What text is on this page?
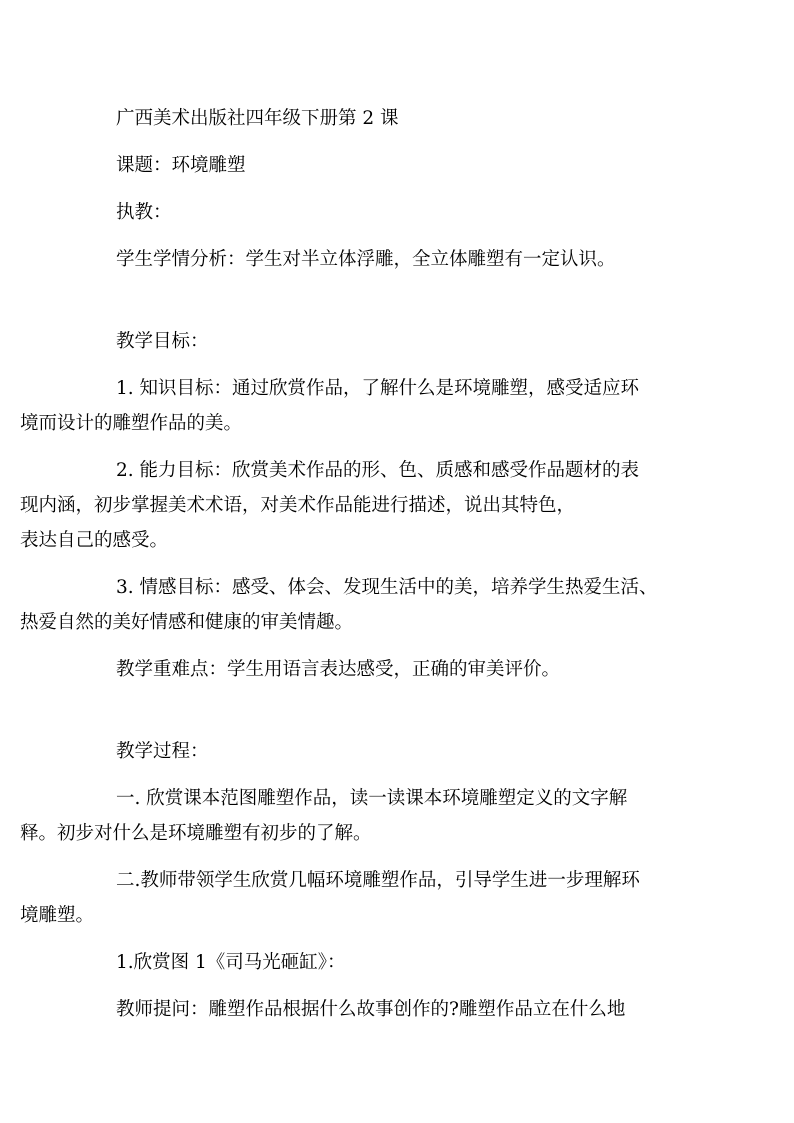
广西美术出版社四年级下册第 2 课

课题：环境雕塑

执教：

学生学情分析：学生对半立体浮雕，全立体雕塑有一定认识。

教学目标：

1. 知识目标：通过欣赏作品，了解什么是环境雕塑，感受适应环

境而设计的雕塑作品的美。

2. 能力目标：欣赏美术作品的形、色、质感和感受作品题材的表

现内涵，初步掌握美术术语，对美术作品能进行描述，说出其特色，

表达自己的感受。

3. 情感目标：感受、体会、发现生活中的美，培养学生热爱生活、

热爱自然的美好情感和健康的审美情趣。

教学重难点：学生用语言表达感受，正确的审美评价。

教学过程：

一. 欣赏课本范图雕塑作品，读一读课本环境雕塑定义的文字解

释。初步对什么是环境雕塑有初步的了解。

二.教师带领学生欣赏几幅环境雕塑作品，引导学生进一步理解环

境雕塑。

1.欣赏图 1《司马光砸缸》：

教师提问：雕塑作品根据什么故事创作的?雕塑作品立在什么地
